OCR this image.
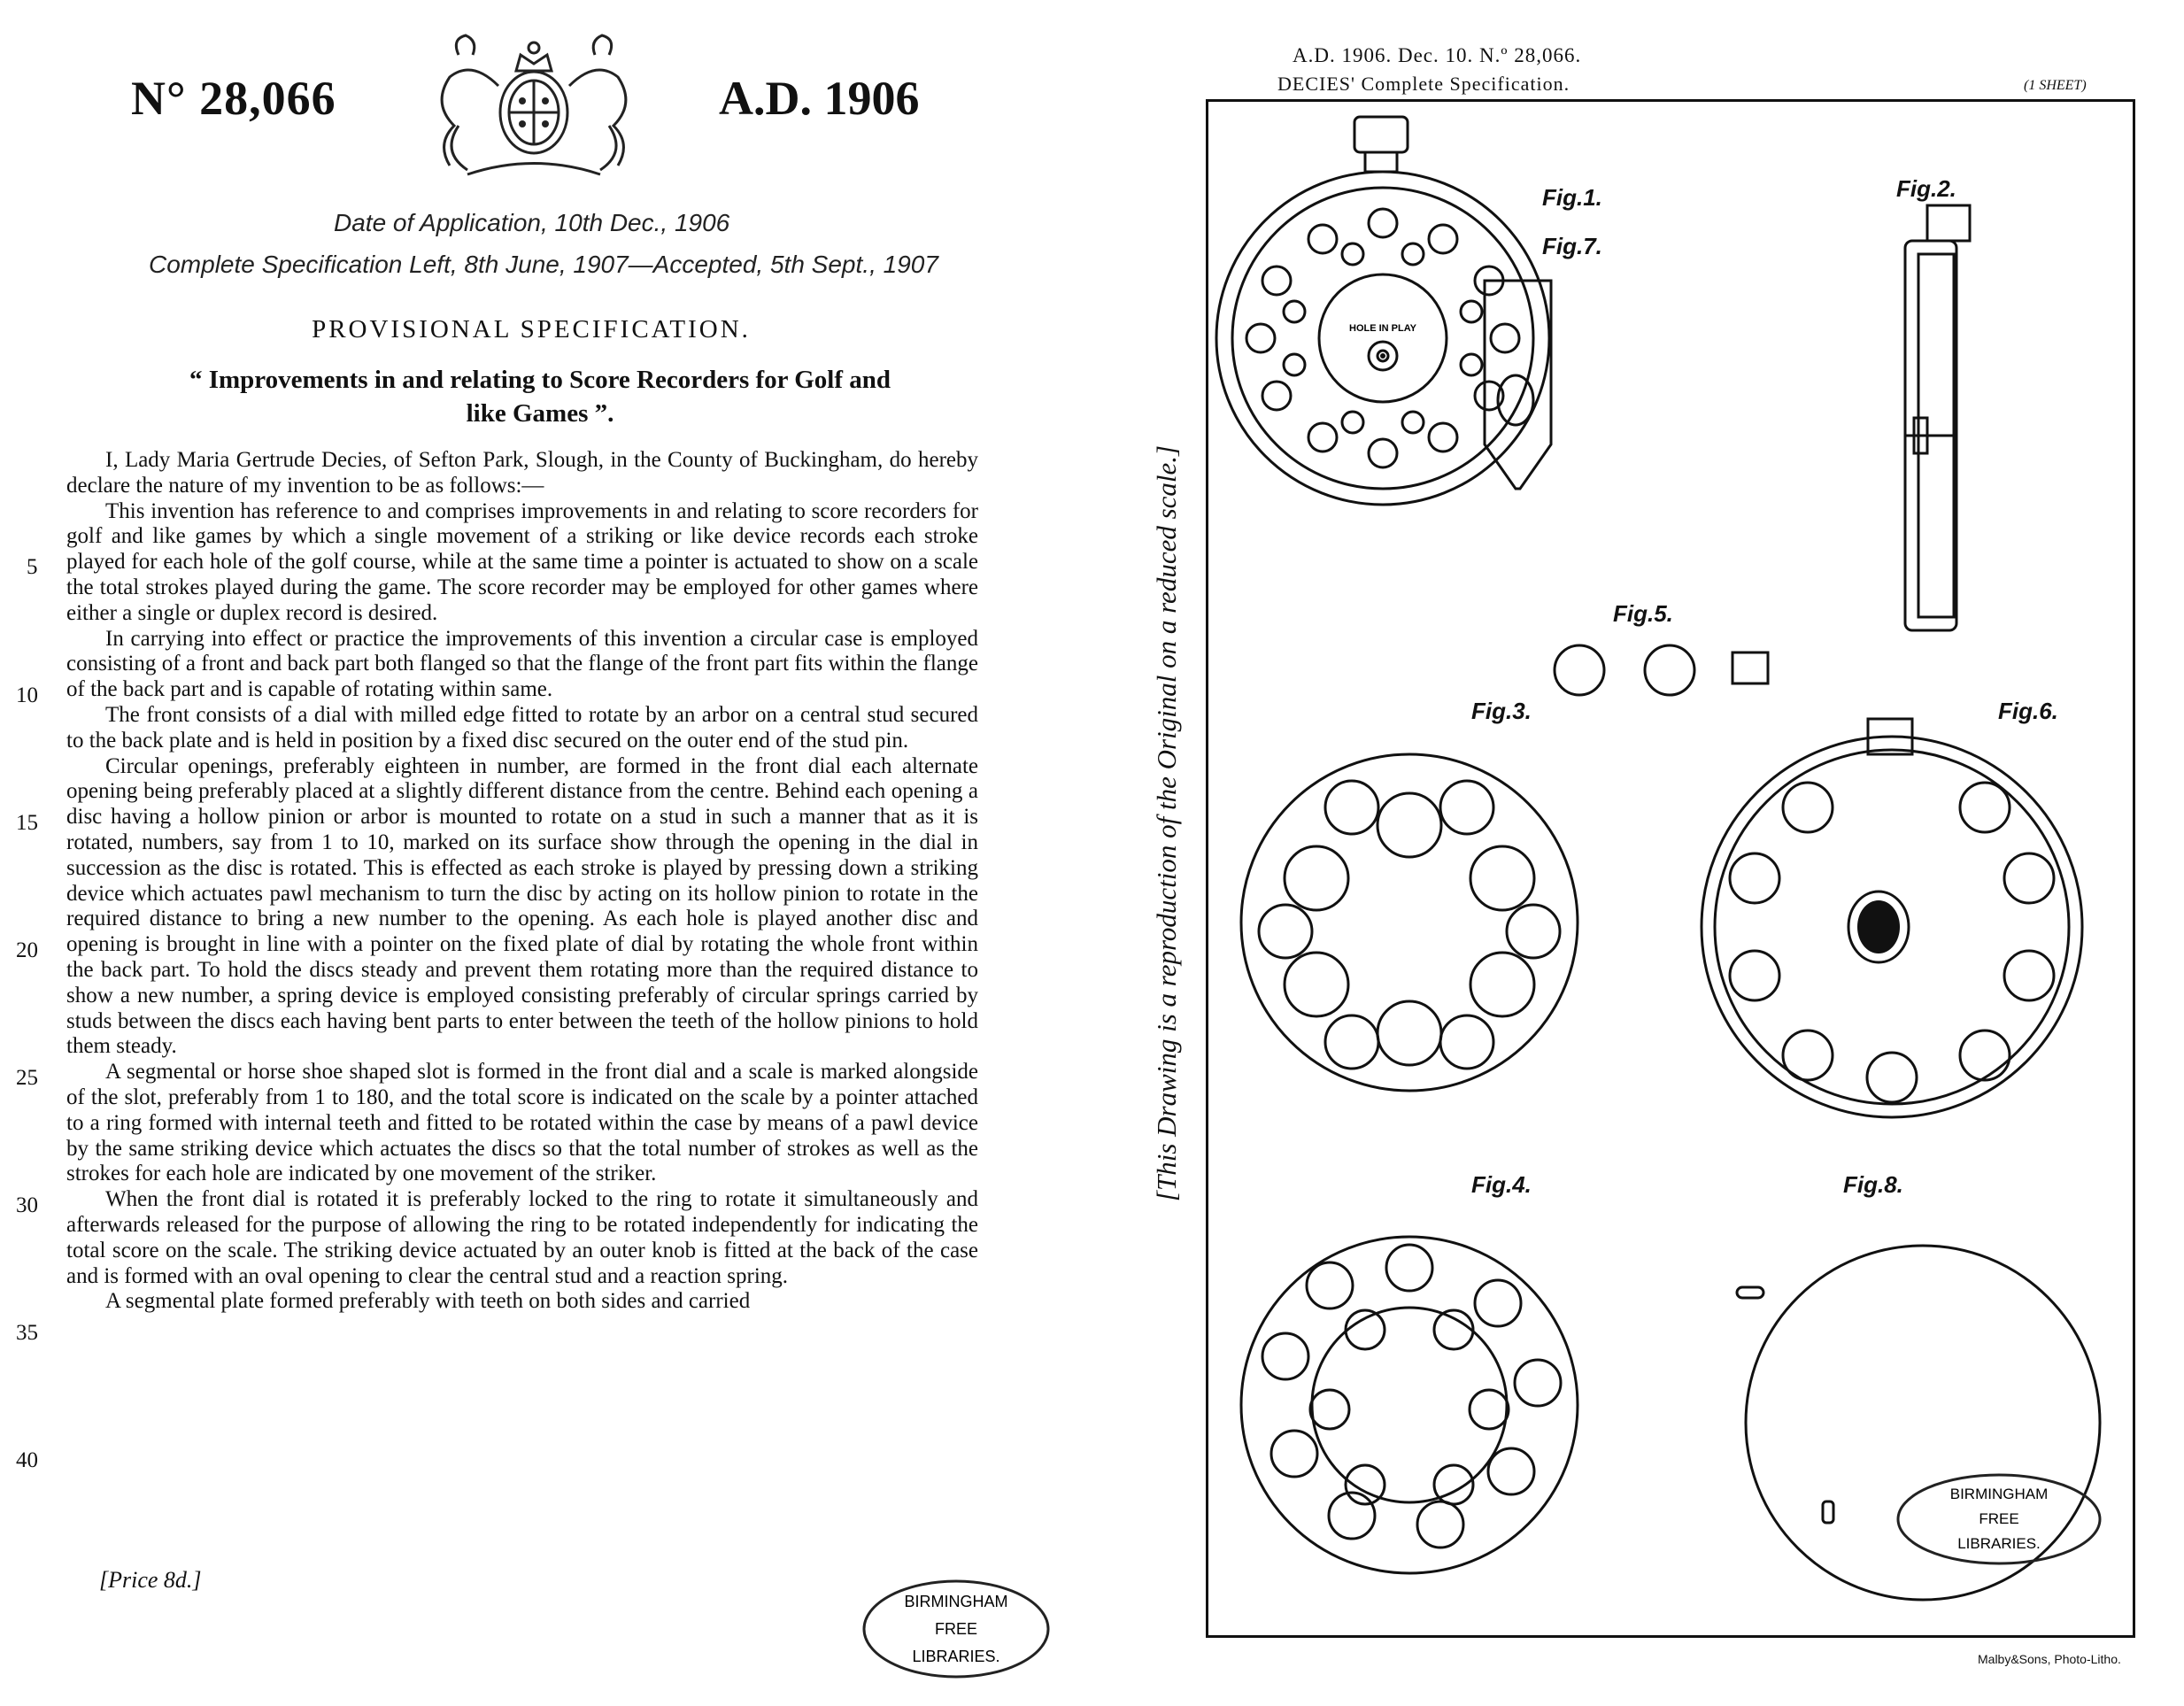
N° 28,066	A.D. 1906
Date of Application, 10th Dec., 1906
Complete Specification Left, 8th June, 1907—Accepted, 5th Sept., 1907
PROVISIONAL SPECIFICATION.
“ Improvements in and relating to Score Recorders for Golf and
like Games ”.

I, Lady Maria Gertrude Decies, of Sefton Park, Slough, in the County of Buckingham, do hereby declare the nature of my invention to be as follows:—

This invention has reference to and comprises improvements in and relating to score recorders for golf and like games by which a single movement of a striking or like device records each stroke played for each hole of the golf course, while at the same time a pointer is actuated to show on a scale the total strokes played during the game. The score recorder may be employed for other games where either a single or duplex record is desired.

In carrying into effect or practice the improvements of this invention a circular case is employed consisting of a front and back part both flanged so that the flange of the front part fits within the flange of the back part and is capable of rotating within same.

The front consists of a dial with milled edge fitted to rotate by an arbor on a central stud secured to the back plate and is held in position by a fixed disc secured on the outer end of the stud pin.

Circular openings, preferably eighteen in number, are formed in the front dial each alternate opening being preferably placed at a slightly different distance from the centre. Behind each opening a disc having a hollow pinion or arbor is mounted to rotate on a stud in such a manner that as it is rotated, numbers, say from 1 to 10, marked on its surface show through the opening in the dial in succession as the disc is rotated. This is effected as each stroke is played by pressing down a striking device which actuates pawl mechanism to turn the disc by acting on its hollow pinion to rotate in the required distance to bring a new number to the opening. As each hole is played another disc and opening is brought in line with a pointer on the fixed plate of dial by rotating the whole front within the back part. To hold the discs steady and prevent them rotating more than the required distance to show a new number, a spring device is employed consisting preferably of circular springs carried by studs between the discs each having bent parts to enter between the teeth of the hollow pinions to hold them steady.

A segmental or horse shoe shaped slot is formed in the front dial and a scale is marked alongside of the slot, preferably from 1 to 180, and the total score is indicated on the scale by a pointer attached to a ring formed with internal teeth and fitted to be rotated within the case by means of a pawl device by the same striking device which actuates the discs so that the total number of strokes as well as the strokes for each hole are indicated by one movement of the striker.

When the front dial is rotated it is preferably locked to the ring to rotate it simultaneously and afterwards released for the purpose of allowing the ring to be rotated independently for indicating the total score on the scale. The striking device actuated by an outer knob is fitted at the back of the case and is formed with an oval opening to clear the central stud and a reaction spring.

A segmental plate formed preferably with teeth on both sides and carried

5
10
15
20
25
30
35
40
[Price 8d.]
BIRMINGHAM
FREE
LIBRARIES.
A.D. 1906. Dec. 10. N.º 28,066.
DECIES' Complete Specification.	(1 SHEET)
[This Drawing is a reproduction of the Original on a reduced scale.]
Fig.1.	Fig.2.
Fig.7.
Fig.5.
Fig.3.	Fig.6.
Fig.4.	Fig.8.
HOLE IN PLAY
BIRMINGHAM
FREE
LIBRARIES.
Malby&Sons, Photo-Litho.
